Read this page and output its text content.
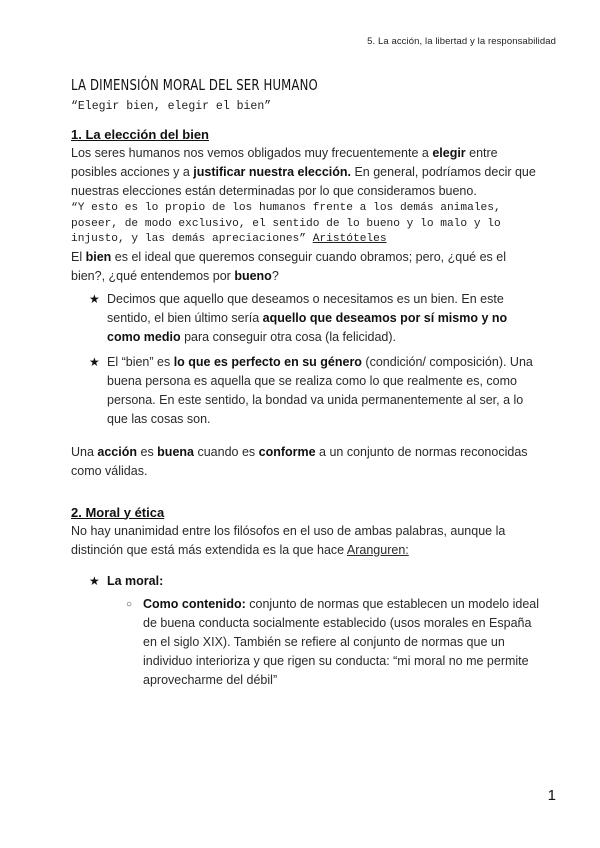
5. La acción, la libertad y la responsabilidad
LA DIMENSIÓN MORAL DEL SER HUMANO
“Elegir bien, elegir el bien”

1. La elección del bien

Los seres humanos nos vemos obligados muy frecuentemente a elegir entre posibles acciones y a justificar nuestra elección. En general, podríamos decir que nuestras elecciones están determinadas por lo que consideramos bueno.

“Y esto es lo propio de los humanos frente a los demás animales, poseer, de modo exclusivo, el sentido de lo bueno y lo malo y lo injusto, y las demás apreciaciones” Aristóteles

El bien es el ideal que queremos conseguir cuando obramos; pero, ¿qué es el bien?, ¿qué entendemos por bueno?

★ Decimos que aquello que deseamos o necesitamos es un bien. En este sentido, el bien último sería aquello que deseamos por sí mismo y no como medio para conseguir otra cosa (la felicidad).
★ El “bien” es lo que es perfecto en su género (condición/ composición). Una buena persona es aquella que se realiza como lo que realmente es, como persona. En este sentido, la bondad va unida permanentemente al ser, a lo que las cosas son.

Una acción es buena cuando es conforme a un conjunto de normas reconocidas como válidas.

2. Moral y ética

No hay unanimidad entre los filósofos en el uso de ambas palabras, aunque la distinción que está más extendida es la que hace Aranguren:

★ La moral:
○ Como contenido: conjunto de normas que establecen un modelo ideal de buena conducta socialmente establecido (usos morales en España en el siglo XIX). También se refiere al conjunto de normas que un individuo interioriza y que rigen su conducta: “mi moral no me permite aprovecharme del débil”
1
